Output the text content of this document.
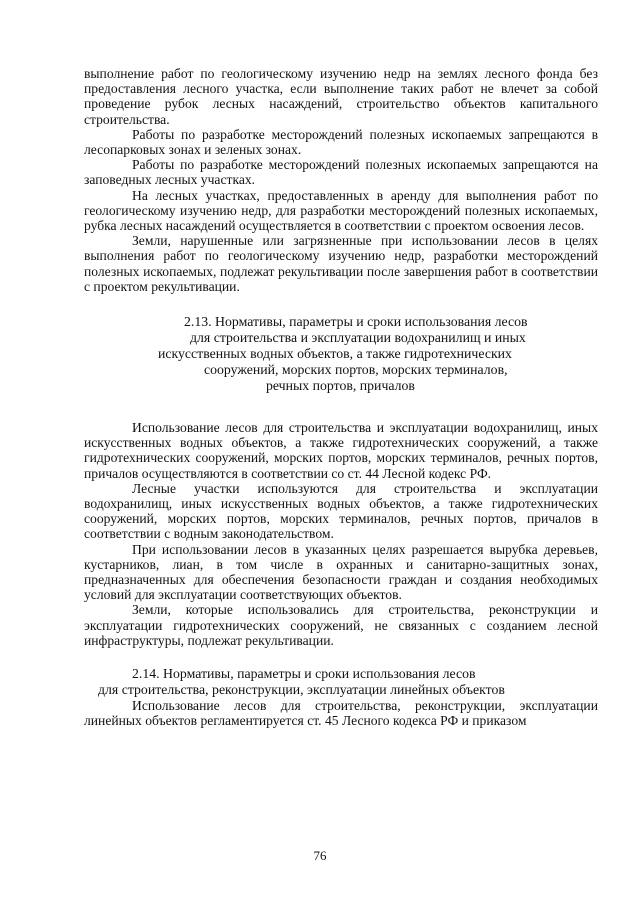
выполнение работ по геологическому изучению недр на землях лесного фонда без предоставления лесного участка, если выполнение таких работ не влечет за собой проведение рубок лесных насаждений, строительство объектов капитального строительства.

Работы по разработке месторождений полезных ископаемых запрещаются в лесопарковых зонах и зеленых зонах.

Работы по разработке месторождений полезных ископаемых запрещаются на заповедных лесных участках.

На лесных участках, предоставленных в аренду для выполнения работ по геологическому изучению недр, для разработки месторождений полезных ископаемых, рубка лесных насаждений осуществляется в соответствии с проектом освоения лесов.

Земли, нарушенные или загрязненные при использовании лесов в целях выполнения работ по геологическому изучению недр, разработки месторождений полезных ископаемых, подлежат рекультивации после завершения работ в соответствии с проектом рекультивации.

2.13. Нормативы, параметры и сроки использования лесов
для строительства и эксплуатации водохранилищ и иных
искусственных водных объектов, а также гидротехнических
сооружений, морских портов, морских терминалов,
речных портов, причалов

Использование лесов для строительства и эксплуатации водохранилищ, иных искусственных водных объектов, а также гидротехнических сооружений, а также гидротехнических сооружений, морских портов, морских терминалов, речных портов, причалов осуществляются в соответствии со ст. 44 Лесной кодекс РФ.

Лесные участки используются для строительства и эксплуатации водохранилищ, иных искусственных водных объектов, а также гидротехнических сооружений, морских портов, морских терминалов, речных портов, причалов в соответствии с водным законодательством.

При использовании лесов в указанных целях разрешается вырубка деревьев, кустарников, лиан, в том числе в охранных и санитарно-защитных зонах, предназначенных для обеспечения безопасности граждан и создания необходимых условий для эксплуатации соответствующих объектов.

Земли, которые использовались для строительства, реконструкции и эксплуатации гидротехнических сооружений, не связанных с созданием лесной инфраструктуры, подлежат рекультивации.

2.14. Нормативы, параметры и сроки использования лесов
для строительства, реконструкции, эксплуатации линейных объектов

Использование лесов для строительства, реконструкции, эксплуатации линейных объектов регламентируется ст. 45 Лесного кодекса РФ и приказом

76
